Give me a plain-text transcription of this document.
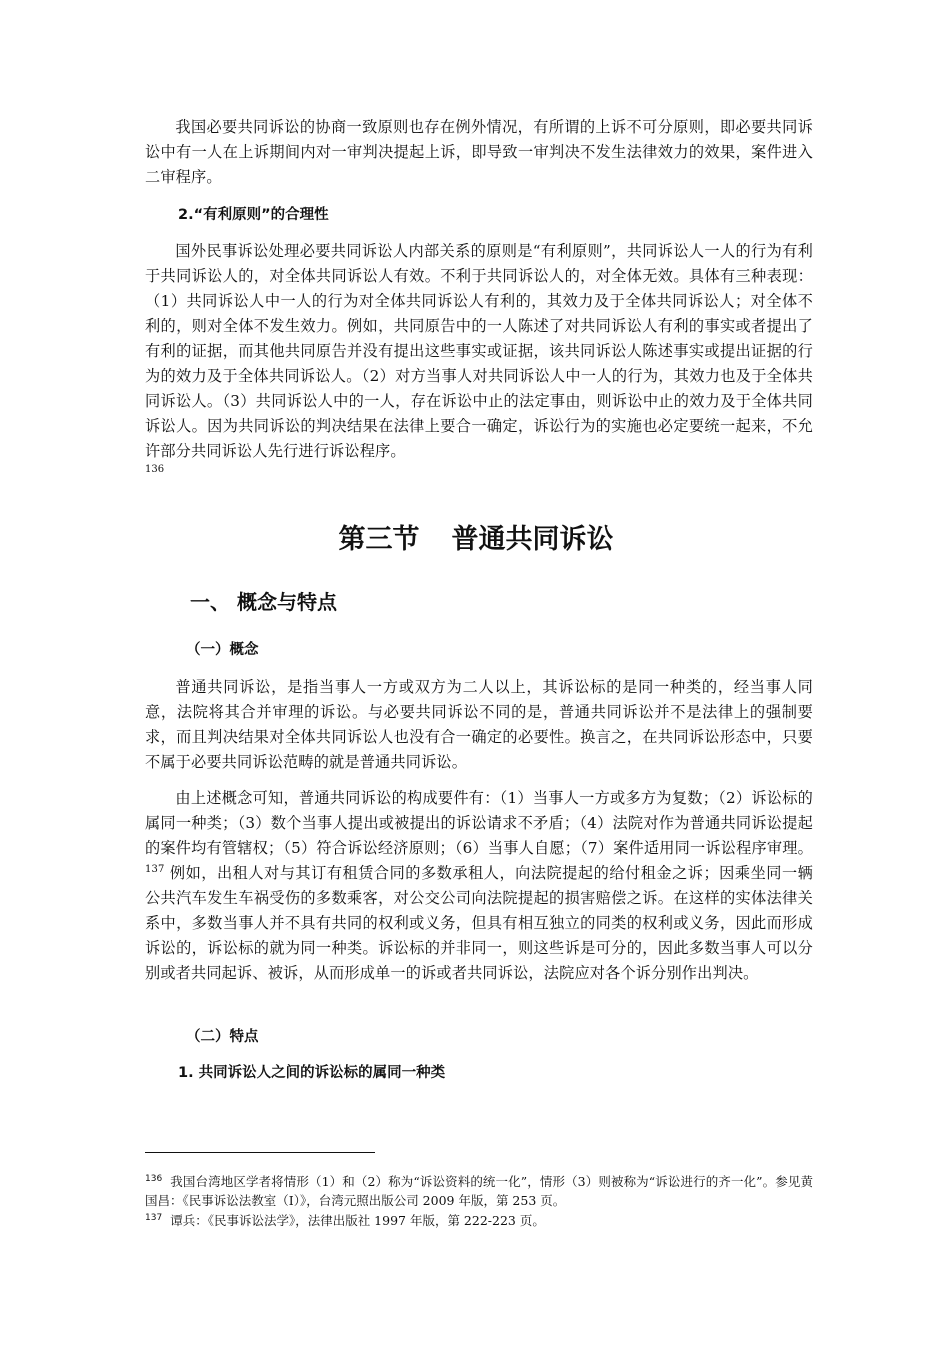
我国必要共同诉讼的协商一致原则也存在例外情况，有所谓的上诉不可分原则，即必要共同诉讼中有一人在上诉期间内对一审判决提起上诉，即导致一审判决不发生法律效力的效果，案件进入二审程序。

2.“有利原则”的合理性

国外民事诉讼处理必要共同诉讼人内部关系的原则是“有利原则”，共同诉讼人一人的行为有利于共同诉讼人的，对全体共同诉讼人有效。不利于共同诉讼人的，对全体无效。具体有三种表现：（1）共同诉讼人中一人的行为对全体共同诉讼人有利的，其效力及于全体共同诉讼人；对全体不利的，则对全体不发生效力。例如，共同原告中的一人陈述了对共同诉讼人有利的事实或者提出了有利的证据，而其他共同原告并没有提出这些事实或证据，该共同诉讼人陈述事实或提出证据的行为的效力及于全体共同诉讼人。（2）对方当事人对共同诉讼人中一人的行为，其效力也及于全体共同诉讼人。（3）共同诉讼人中的一人，存在诉讼中止的法定事由，则诉讼中止的效力及于全体共同诉讼人。因为共同诉讼的判决结果在法律上要合一确定，诉讼行为的实施也必定要统一起来，不允许部分共同诉讼人先行进行诉讼程序。

136

第三节 普通共同诉讼
一、 概念与特点

（一）概念

普通共同诉讼，是指当事人一方或双方为二人以上，其诉讼标的是同一种类的，经当事人同意，法院将其合并审理的诉讼。与必要共同诉讼不同的是，普通共同诉讼并不是法律上的强制要求，而且判决结果对全体共同诉讼人也没有合一确定的必要性。换言之，在共同诉讼形态中，只要不属于必要共同诉讼范畴的就是普通共同诉讼。

由上述概念可知，普通共同诉讼的构成要件有：（1）当事人一方或多方为复数；（2）诉讼标的属同一种类；（3）数个当事人提出或被提出的诉讼请求不矛盾；（4）法院对作为普通共同诉讼提起的案件均有管辖权；（5）符合诉讼经济原则；（6）当事人自愿；（7）案件适用同一诉讼程序审理。$^{137}$ 例如，出租人对与其订有租赁合同的多数承租人，向法院提起的给付租金之诉；因乘坐同一辆公共汽车发生车祸受伤的多数乘客，对公交公司向法院提起的损害赔偿之诉。在这样的实体法律关系中，多数当事人并不具有共同的权利或义务，但具有相互独立的同类的权利或义务，因此而形成诉讼的，诉讼标的就为同一种类。诉讼标的并非同一，则这些诉是可分的，因此多数当事人可以分别或者共同起诉、被诉，从而形成单一的诉或者共同诉讼，法院应对各个诉分别作出判决。

（二）特点

1. 共同诉讼人之间的诉讼标的属同一种类

$^{136}$ 我国台湾地区学者将情形（1）和（2）称为“诉讼资料的统一化”，情形（3）则被称为“诉讼进行的齐一化”。参见黄国昌：《民事诉讼法教室（I）》，台湾元照出版公司 2009 年版，第 253 页。

$^{137}$ 谭兵：《民事诉讼法学》，法律出版社 1997 年版，第 222-223 页。
